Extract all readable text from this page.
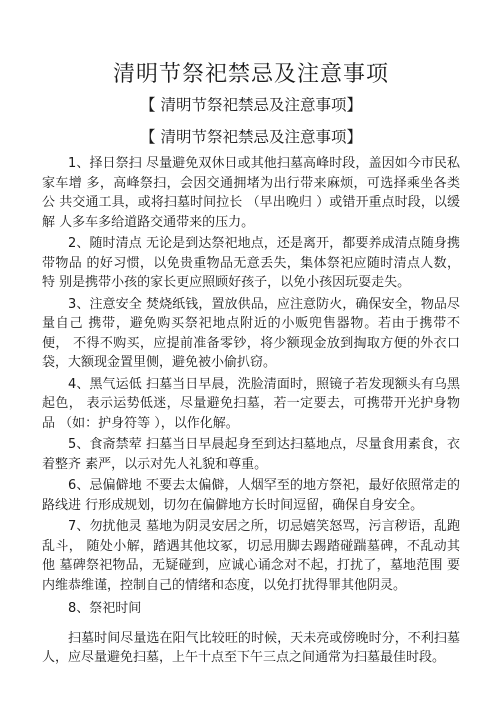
清明节祭祀禁忌及注意事项

【 清明节祭祀禁忌及注意事项】

【 清明节祭祀禁忌及注意事项】

1、择日祭扫 尽量避免双休日或其他扫墓高峰时段，盖因如今市民私家车增 多，高峰祭扫，会因交通拥堵为出行带来麻烦，可选择乘坐各类公 共交通工具，或将扫墓时间拉长 （早出晚归 ）或错开重点时段，以缓解 人多车多给道路交通带来的压力。

2、随时清点 无论是到达祭祀地点，还是离开，都要养成清点随身携带物品 的好习惯，以免贵重物品无意丢失，集体祭祀应随时清点人数，特 别是携带小孩的家长更应照顾好孩子，以免小孩因玩耍走失。

3、注意安全 焚烧纸钱，置放供品，应注意防火，确保安全，物品尽量自己 携带，避免购买祭祀地点附近的小贩兜售器物。若由于携带不便， 不得不购买，应提前准备零钞，将少额现金放到掏取方便的外衣口 袋，大额现金置里侧，避免被小偷扒窃。

4、黑气运低 扫墓当日早晨，洗脸清面时，照镜子若发现额头有乌黑起色， 表示运势低迷，尽量避免扫墓，若一定要去，可携带开光护身物品 （如：护身符等 ），以作化解。

5、食斋禁荤 扫墓当日早晨起身至到达扫墓地点，尽量食用素食，衣着整齐 素严，以示对先人礼貌和尊重。

6、忌偏僻地 不要去太偏僻，人烟罕至的地方祭祀，最好依照常走的路线进 行形成规划，切勿在偏僻地方长时间逗留，确保自身安全。

7、勿扰他灵 墓地为阴灵安居之所，切忌嬉笑怒骂，污言秽语，乱跑乱斗， 随处小解，踏遇其他坟冢，切忌用脚去踢踏碰踹墓碑，不乱动其他 墓碑祭祀物品，无疑碰到，应诚心诵念对不起，打扰了，墓地范围 要内维恭维谨，控制自己的情绪和态度，以免打扰得罪其他阴灵。

8、祭祀时间

扫墓时间尽量选在阳气比较旺的时候，天未亮或傍晚时分，不利扫墓人，应尽量避免扫墓，上午十点至下午三点之间通常为扫墓最佳时段。
